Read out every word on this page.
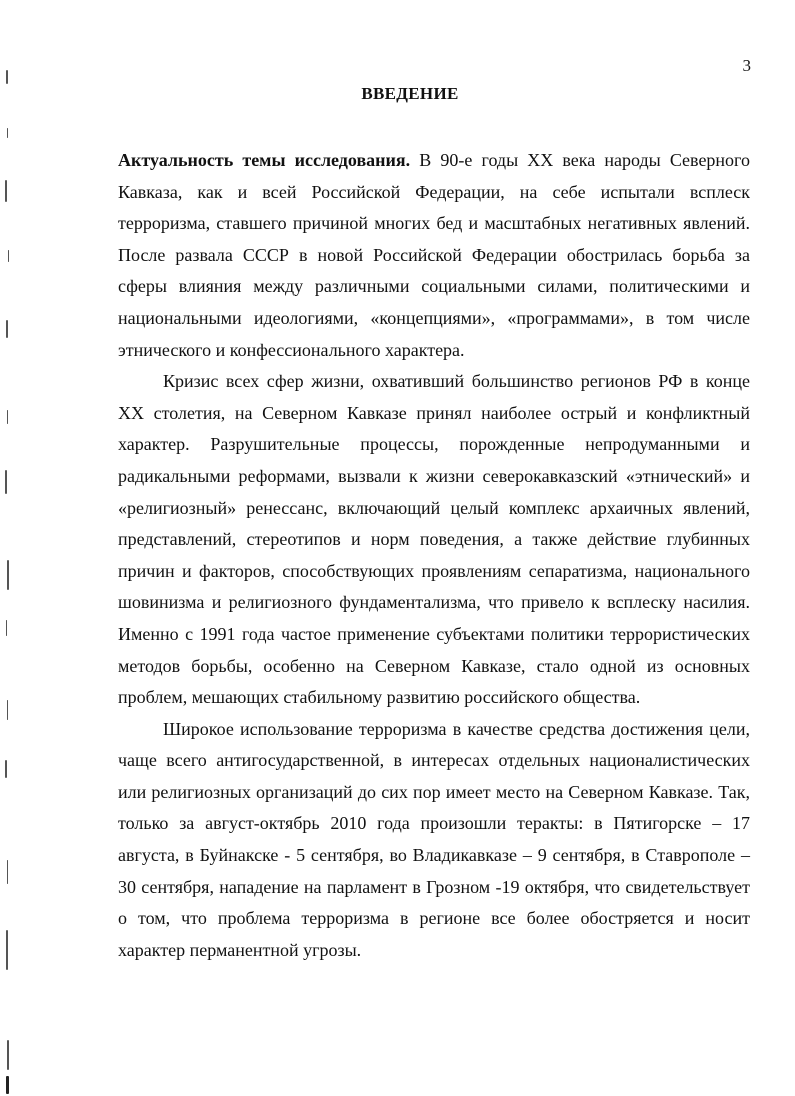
3
ВВЕДЕНИЕ

Актуальность темы исследования. В 90-е годы XX века народы Северного Кавказа, как и всей Российской Федерации, на себе испытали всплеск терроризма, ставшего причиной многих бед и масштабных негативных явлений. После развала СССР в новой Российской Федерации обострилась борьба за сферы влияния между различными социальными силами, политическими и национальными идеологиями, «концепциями», «программами», в том числе этнического и конфессионального характера.

Кризис всех сфер жизни, охвативший большинство регионов РФ в конце XX столетия, на Северном Кавказе принял наиболее острый и конфликтный характер. Разрушительные процессы, порожденные непродуманными и радикальными реформами, вызвали к жизни северокавказский «этнический» и «религиозный» ренессанс, включающий целый комплекс архаичных явлений, представлений, стереотипов и норм поведения, а также действие глубинных причин и факторов, способствующих проявлениям сепаратизма, национального шовинизма и религиозного фундаментализма, что привело к всплеску насилия. Именно с 1991 года частое применение субъектами политики террористических методов борьбы, особенно на Северном Кавказе, стало одной из основных проблем, мешающих стабильному развитию российского общества.

Широкое использование терроризма в качестве средства достижения цели, чаще всего антигосударственной, в интересах отдельных националистических или религиозных организаций до сих пор имеет место на Северном Кавказе. Так, только за август-октябрь 2010 года произошли теракты: в Пятигорске – 17 августа, в Буйнакске - 5 сентября, во Владикавказе – 9 сентября, в Ставрополе – 30 сентября, нападение на парламент в Грозном -19 октября, что свидетельствует о том, что проблема терроризма в регионе все более обостряется и носит характер перманентной угрозы.
